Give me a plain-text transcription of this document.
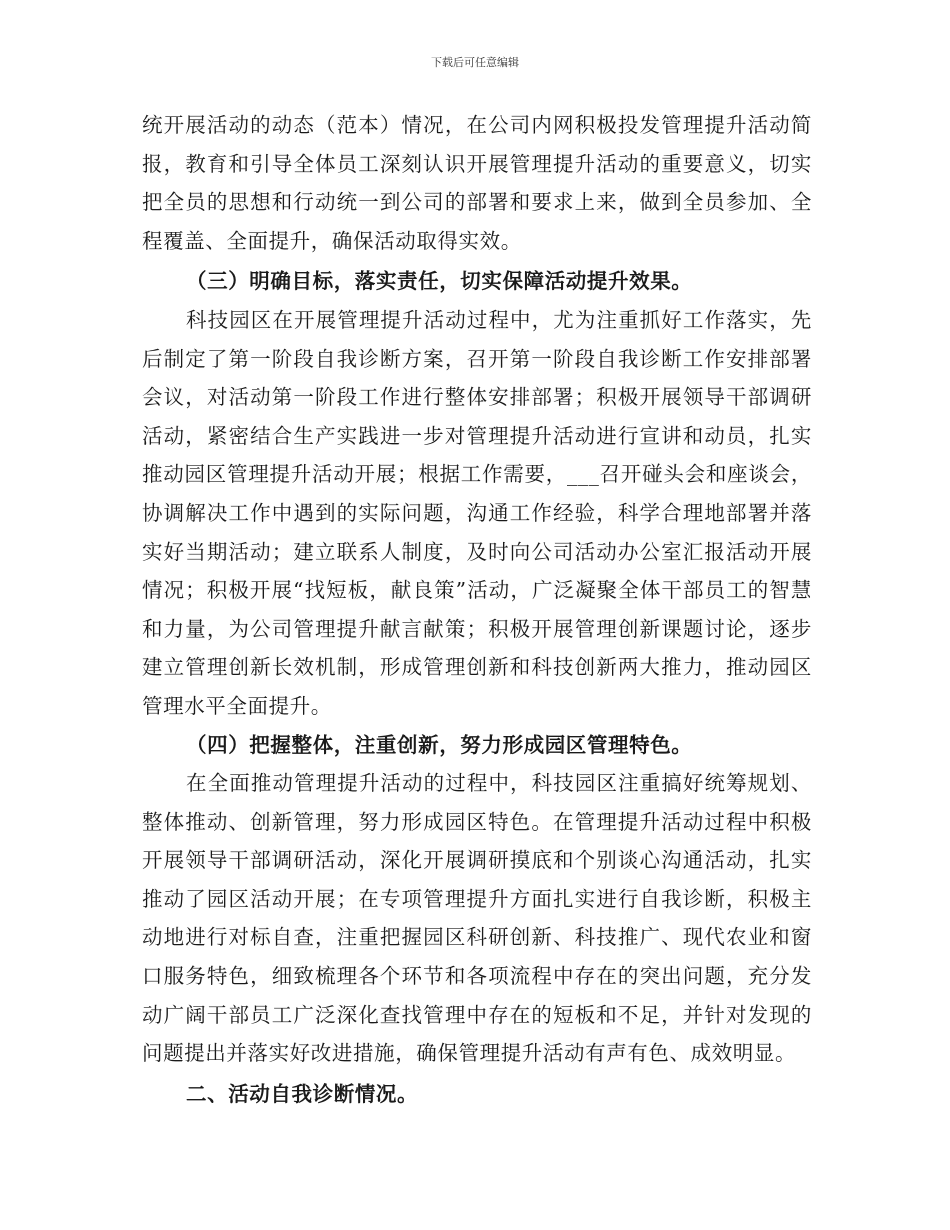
下载后可任意编辑

统开展活动的动态（范本）情况，在公司内网积极投发管理提升活动简报，教育和引导全体员工深刻认识开展管理提升活动的重要意义，切实把全员的思想和行动统一到公司的部署和要求上来，做到全员参加、全程覆盖、全面提升，确保活动取得实效。

（三）明确目标，落实责任，切实保障活动提升效果。

科技园区在开展管理提升活动过程中，尤为注重抓好工作落实，先后制定了第一阶段自我诊断方案，召开第一阶段自我诊断工作安排部署会议，对活动第一阶段工作进行整体安排部署；积极开展领导干部调研活动，紧密结合生产实践进一步对管理提升活动进行宣讲和动员，扎实推动园区管理提升活动开展；根据工作需要，___召开碰头会和座谈会，协调解决工作中遇到的实际问题，沟通工作经验，科学合理地部署并落实好当期活动；建立联系人制度，及时向公司活动办公室汇报活动开展情况；积极开展“找短板，献良策”活动，广泛凝聚全体干部员工的智慧和力量，为公司管理提升献言献策；积极开展管理创新课题讨论，逐步建立管理创新长效机制，形成管理创新和科技创新两大推力，推动园区管理水平全面提升。

（四）把握整体，注重创新，努力形成园区管理特色。

在全面推动管理提升活动的过程中，科技园区注重搞好统筹规划、整体推动、创新管理，努力形成园区特色。在管理提升活动过程中积极开展领导干部调研活动，深化开展调研摸底和个别谈心沟通活动，扎实推动了园区活动开展；在专项管理提升方面扎实进行自我诊断，积极主动地进行对标自查，注重把握园区科研创新、科技推广、现代农业和窗口服务特色，细致梳理各个环节和各项流程中存在的突出问题，充分发动广阔干部员工广泛深化查找管理中存在的短板和不足，并针对发现的问题提出并落实好改进措施，确保管理提升活动有声有色、成效明显。

二、活动自我诊断情况。
